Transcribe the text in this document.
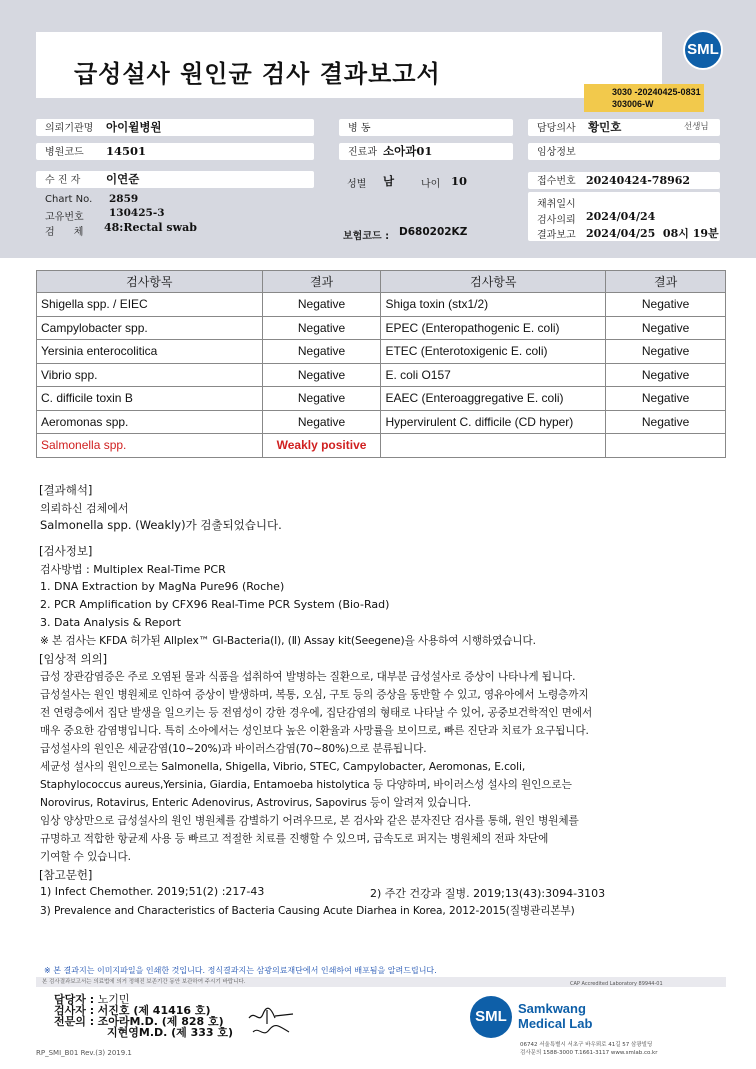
급성설사 원인균 검사 결과보고서
SML
3030 -20240425-0831
303006-W
의뢰기관명 아이윌병원
병원코드 14501
수 진 자 이연준
Chart No. 2859
고유번호 130425-3
검      체 48:Rectal swab
병 동
진료과 소아과01
성별 남	나이 10
보험코드 : D680202KZ
담당의사 황민호	선생님
임상정보
접수번호 20240424-78962
채취일시
검사의뢰 2024/04/24
결과보고 2024/04/25  08시 19분
검사항목	결과	검사항목	결과
Shigella spp. / EIEC	Negative	Shiga toxin (stx1/2)	Negative
Campylobacter spp.	Negative	EPEC (Enteropathogenic E. coli)	Negative
Yersinia enterocolitica	Negative	ETEC (Enterotoxigenic E. coli)	Negative
Vibrio spp.	Negative	E. coli O157	Negative
C. difficile toxin B	Negative	EAEC (Enteroaggregative E. coli)	Negative
Aeromonas spp.	Negative	Hypervirulent C. difficile (CD hyper)	Negative
Salmonella spp.	Weakly positive		
[결과해석]
의뢰하신 검체에서
Salmonella spp. (Weakly)가 검출되었습니다.
[검사정보]
검사방법 : Multiplex Real-Time PCR
1. DNA Extraction by MagNa Pure96 (Roche)
2. PCR Amplification by CFX96 Real-Time PCR System (Bio-Rad)
3. Data Analysis & Report
※ 본 검사는 KFDA 허가된 Allplex™ GI-Bacteria(Ⅰ), (Ⅱ) Assay kit(Seegene)을 사용하여 시행하였습니다.
[임상적 의의]
급성 장관감염증은 주로 오염된 물과 식품을 섭취하여 발병하는 질환으로, 대부분 급성설사로 증상이 나타나게 됩니다.
급성설사는 원인 병원체로 인하여 증상이 발생하며, 복통, 오심, 구토 등의 증상을 동반할 수 있고, 영유아에서 노령층까지
전 연령층에서 집단 발생을 일으키는 등 전염성이 강한 경우에, 집단감염의 형태로 나타날 수 있어, 공중보건학적인 면에서
매우 중요한 감염병입니다. 특히 소아에서는 성인보다 높은 이환율과 사망률을 보이므로, 빠른 진단과 치료가 요구됩니다.
급성설사의 원인은 세균감염(10~20%)과 바이러스감염(70~80%)으로 분류됩니다.
세균성 설사의 원인으로는 Salmonella, Shigella, Vibrio, STEC, Campylobacter, Aeromonas, E.coli,
Staphylococcus aureus,Yersinia, Giardia, Entamoeba histolytica 등 다양하며, 바이러스성 설사의 원인으로는
Norovirus, Rotavirus, Enteric Adenovirus, Astrovirus, Sapovirus 등이 알려져 있습니다.
임상 양상만으로 급성설사의 원인 병원체를 감별하기 어려우므로, 본 검사와 같은 분자진단 검사를 통해, 원인 병원체를
규명하고 적합한 항균제 사용 등 빠르고 적절한 치료를 진행할 수 있으며, 급속도로 퍼지는 병원체의 전파 차단에
기여할 수 있습니다.
[참고문헌]
1) Infect Chemother. 2019;51(2) :217-43	2) 주간 건강과 질병. 2019;13(43):3094-3103
3) Prevalence and Characteristics of Bacteria Causing Acute Diarhea in Korea, 2012-2015(질병관리본부)
※ 본 결과지는 이미지파일을 인쇄한 것입니다. 정식결과지는 삼광의료재단에서 인쇄하여 배포됨을 알려드립니다.
본 검사결과보고서는 의료법에 의거 정해진 보존기간 동안 보관하여 주시기 바랍니다.	CAP Accredited Laboratory 89944-01
담당자 : 노기민
검사자 : 서진호 (제 41416 호)
전문의 : 조아라M.D. (제 828 호)
지현영M.D. (제 333 호)
RP_SMI_B01 Rev.(3) 2019.1
SML Samkwang
Medical Lab
06742 서울특별시 서초구 바우뫼로 41길 57 삼광빌딩
검사문의 1588-3000 T.1661-3117 www.smlab.co.kr
